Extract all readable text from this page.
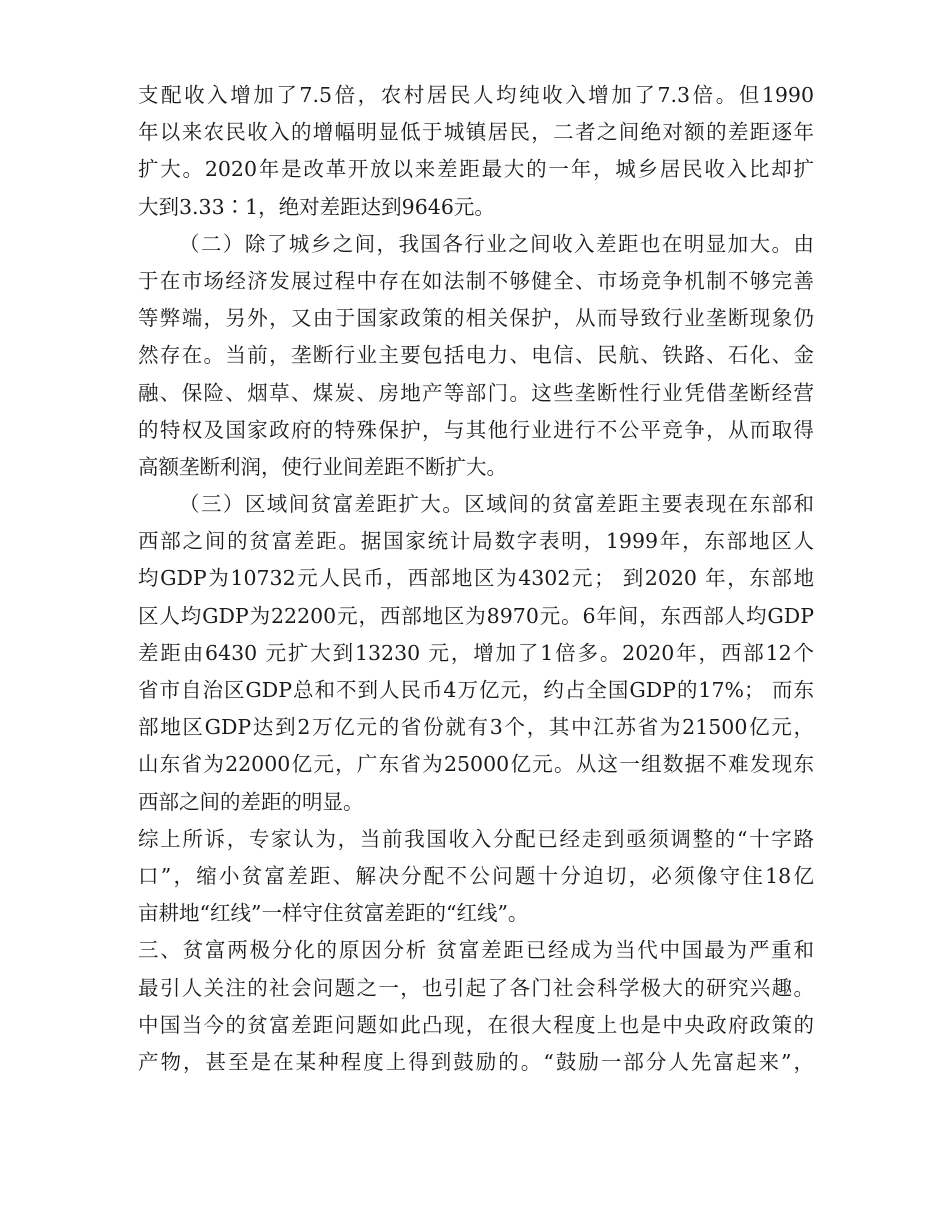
支配收入增加了7.5倍，农村居民人均纯收入增加了7.3倍。但1990
年以来农民收入的增幅明显低于城镇居民，二者之间绝对额的差距逐年
扩大。2020年是改革开放以来差距最大的一年，城乡居民收入比却扩
大到3.33∶1，绝对差距达到9646元。
（二）除了城乡之间，我国各行业之间收入差距也在明显加大。由
于在市场经济发展过程中存在如法制不够健全、市场竞争机制不够完善
等弊端，另外，又由于国家政策的相关保护，从而导致行业垄断现象仍
然存在。当前，垄断行业主要包括电力、电信、民航、铁路、石化、金
融、保险、烟草、煤炭、房地产等部门。这些垄断性行业凭借垄断经营
的特权及国家政府的特殊保护，与其他行业进行不公平竞争，从而取得
高额垄断利润，使行业间差距不断扩大。
（三）区域间贫富差距扩大。区域间的贫富差距主要表现在东部和
西部之间的贫富差距。据国家统计局数字表明，1999年，东部地区人
均GDP为10732元人民币，西部地区为4302元； 到2020 年，东部地
区人均GDP为22200元，西部地区为8970元。6年间，东西部人均GDP
差距由6430 元扩大到13230 元，增加了1倍多。2020年，西部12个
省市自治区GDP总和不到人民币4万亿元，约占全国GDP的17%； 而东
部地区GDP达到2万亿元的省份就有3个，其中江苏省为21500亿元，
山东省为22000亿元，广东省为25000亿元。从这一组数据不难发现东
西部之间的差距的明显。
综上所诉，专家认为，当前我国收入分配已经走到亟须调整的“十字路
口”，缩小贫富差距、解决分配不公问题十分迫切，必须像守住18亿
亩耕地“红线”一样守住贫富差距的“红线”。
三、贫富两极分化的原因分析 贫富差距已经成为当代中国最为严重和
最引人关注的社会问题之一，也引起了各门社会科学极大的研究兴趣。
中国当今的贫富差距问题如此凸现，在很大程度上也是中央政府政策的
产物，甚至是在某种程度上得到鼓励的。“鼓励一部分人先富起来”，
